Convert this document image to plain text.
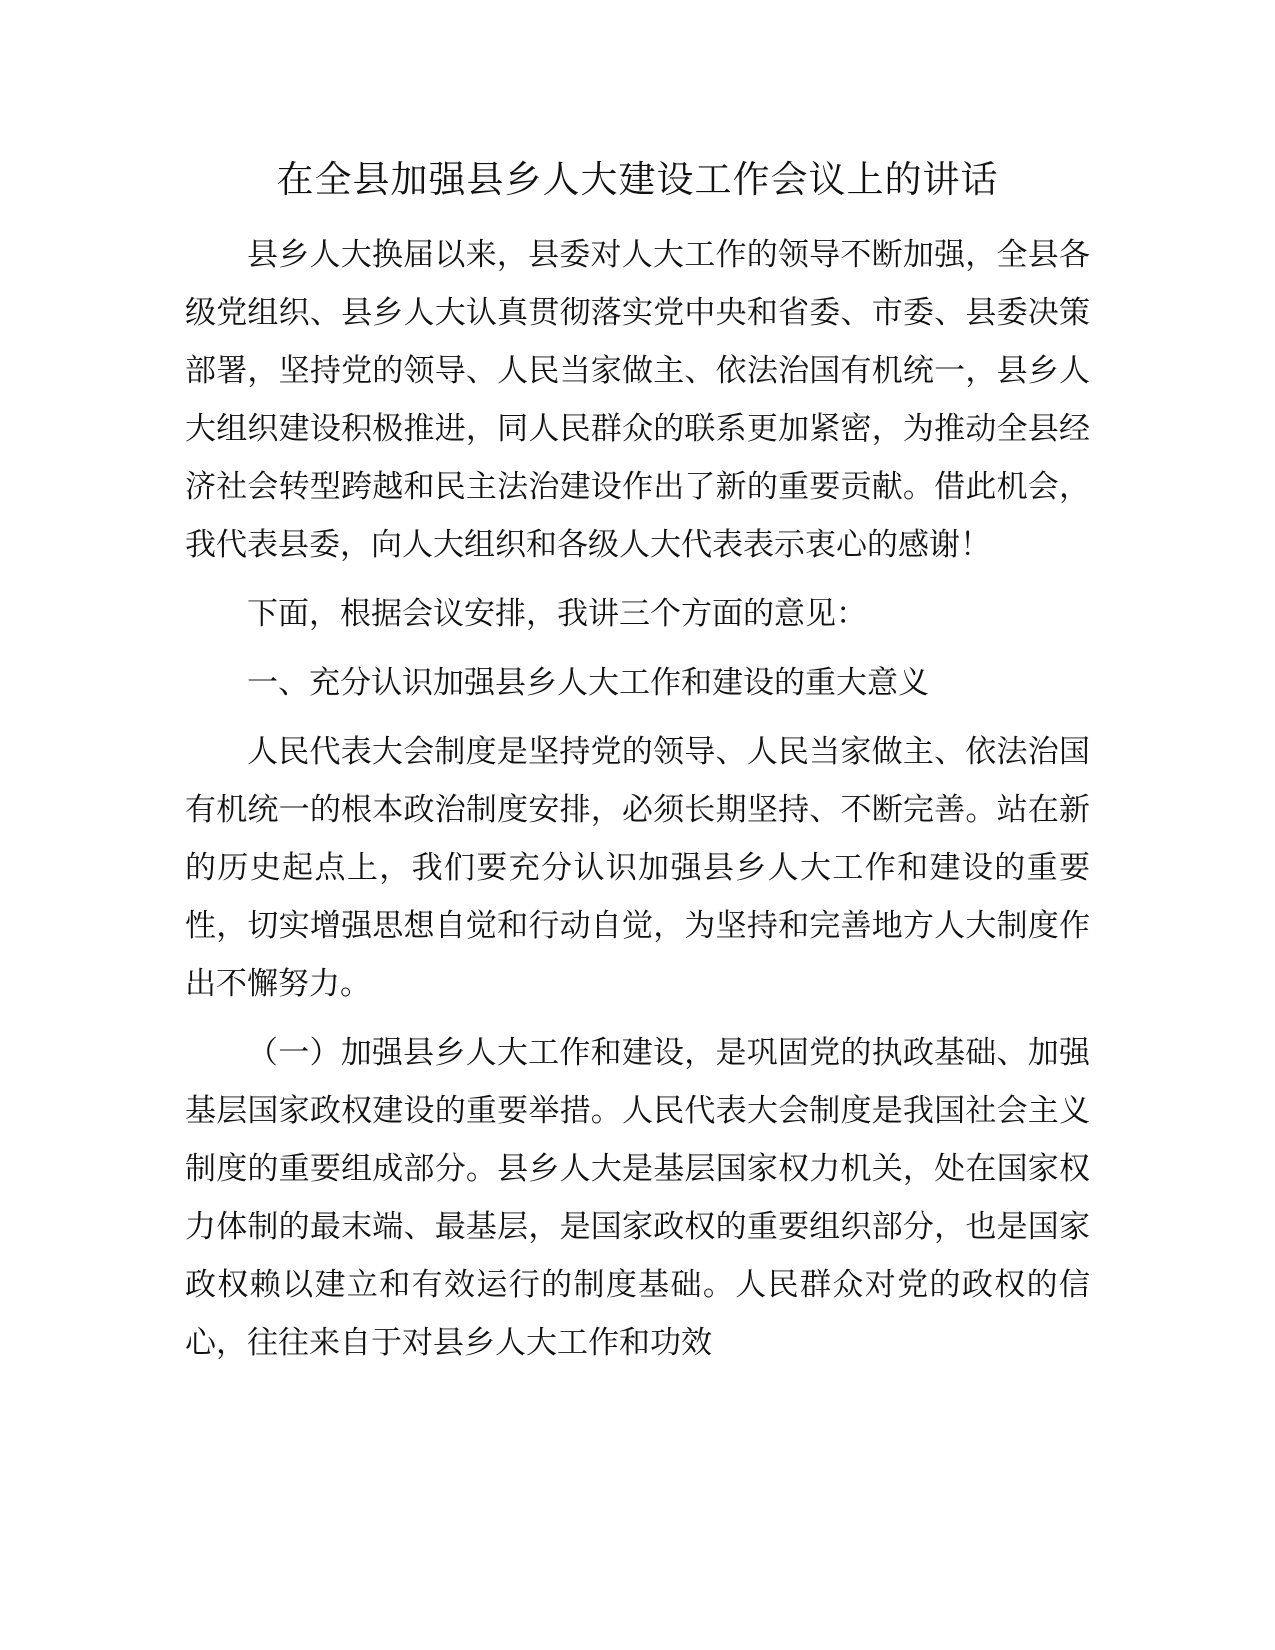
在全县加强县乡人大建设工作会议上的讲话

县乡人大换届以来，县委对人大工作的领导不断加强，全县各级党组织、县乡人大认真贯彻落实党中央和省委、市委、县委决策部署，坚持党的领导、人民当家做主、依法治国有机统一，县乡人大组织建设积极推进，同人民群众的联系更加紧密，为推动全县经济社会转型跨越和民主法治建设作出了新的重要贡献。借此机会，我代表县委，向人大组织和各级人大代表表示衷心的感谢！

下面，根据会议安排，我讲三个方面的意见：

一、充分认识加强县乡人大工作和建设的重大意义

人民代表大会制度是坚持党的领导、人民当家做主、依法治国有机统一的根本政治制度安排，必须长期坚持、不断完善。站在新的历史起点上，我们要充分认识加强县乡人大工作和建设的重要性，切实增强思想自觉和行动自觉，为坚持和完善地方人大制度作出不懈努力。

（一）加强县乡人大工作和建设，是巩固党的执政基础、加强基层国家政权建设的重要举措。人民代表大会制度是我国社会主义制度的重要组成部分。县乡人大是基层国家权力机关，处在国家权力体制的最末端、最基层，是国家政权的重要组织部分，也是国家政权赖以建立和有效运行的制度基础。人民群众对党的政权的信心，往往来自于对县乡人大工作和功效
